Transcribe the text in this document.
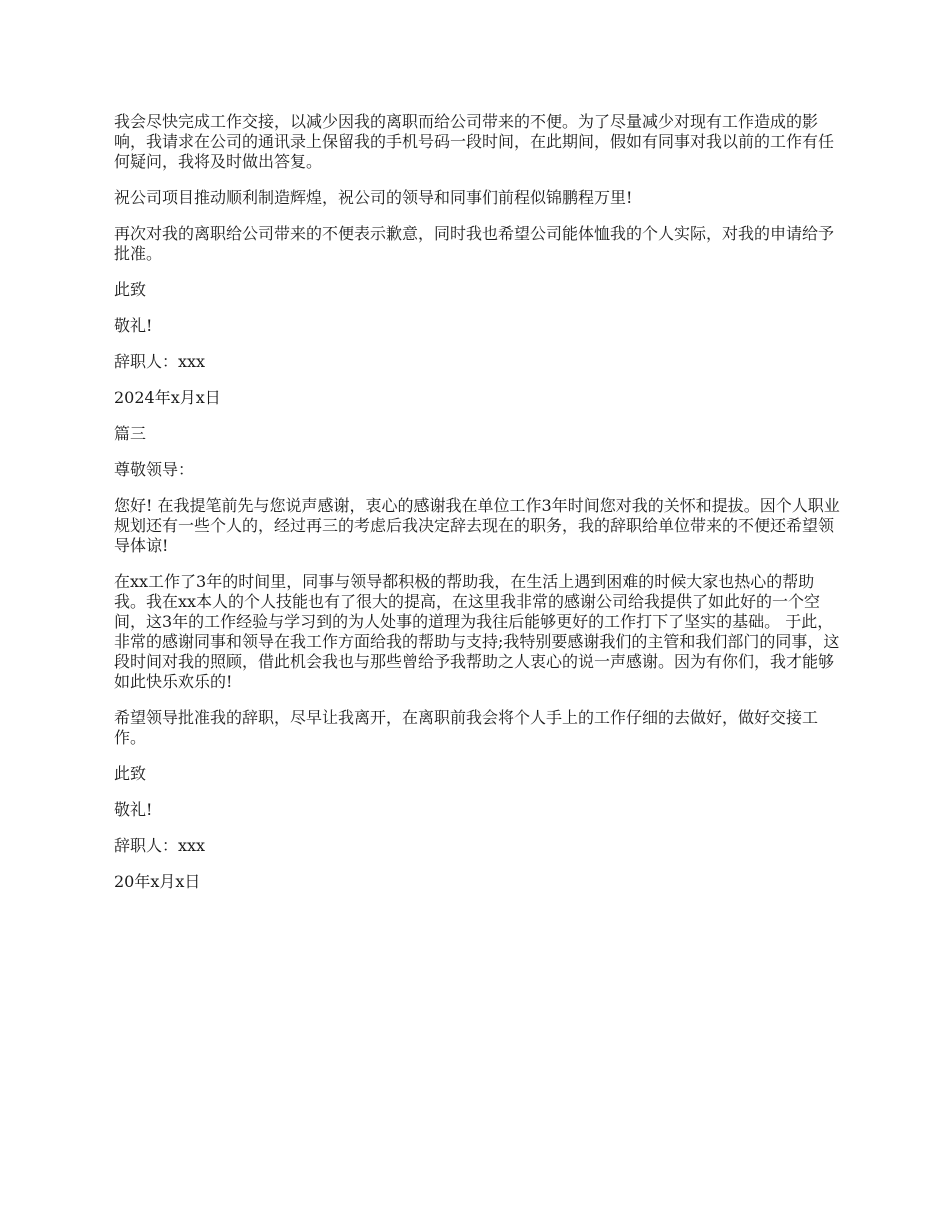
我会尽快完成工作交接，以减少因我的离职而给公司带来的不便。为了尽量减少对现有工作造成的影响，我请求在公司的通讯录上保留我的手机号码一段时间，在此期间，假如有同事对我以前的工作有任何疑问，我将及时做出答复。

祝公司项目推动顺利制造辉煌，祝公司的领导和同事们前程似锦鹏程万里!

再次对我的离职给公司带来的不便表示歉意，同时我也希望公司能体恤我的个人实际，对我的申请给予批准。

此致

敬礼!

辞职人：xxx

2024年x月x日

篇三

尊敬领导：

您好! 在我提笔前先与您说声感谢，衷心的感谢我在单位工作3年时间您对我的关怀和提拔。因个人职业规划还有一些个人的，经过再三的考虑后我决定辞去现在的职务，我的辞职给单位带来的不便还希望领导体谅!

在xx工作了3年的时间里，同事与领导都积极的帮助我，在生活上遇到困难的时候大家也热心的帮助我。我在xx本人的个人技能也有了很大的提高，在这里我非常的感谢公司给我提供了如此好的一个空间，这3年的工作经验与学习到的为人处事的道理为我往后能够更好的工作打下了坚实的基础。 于此，非常的感谢同事和领导在我工作方面给我的帮助与支持;我特别要感谢我们的主管和我们部门的同事，这段时间对我的照顾，借此机会我也与那些曾给予我帮助之人衷心的说一声感谢。因为有你们，我才能够如此快乐欢乐的!

希望领导批准我的辞职，尽早让我离开，在离职前我会将个人手上的工作仔细的去做好，做好交接工作。

此致

敬礼!

辞职人：xxx

20年x月x日
